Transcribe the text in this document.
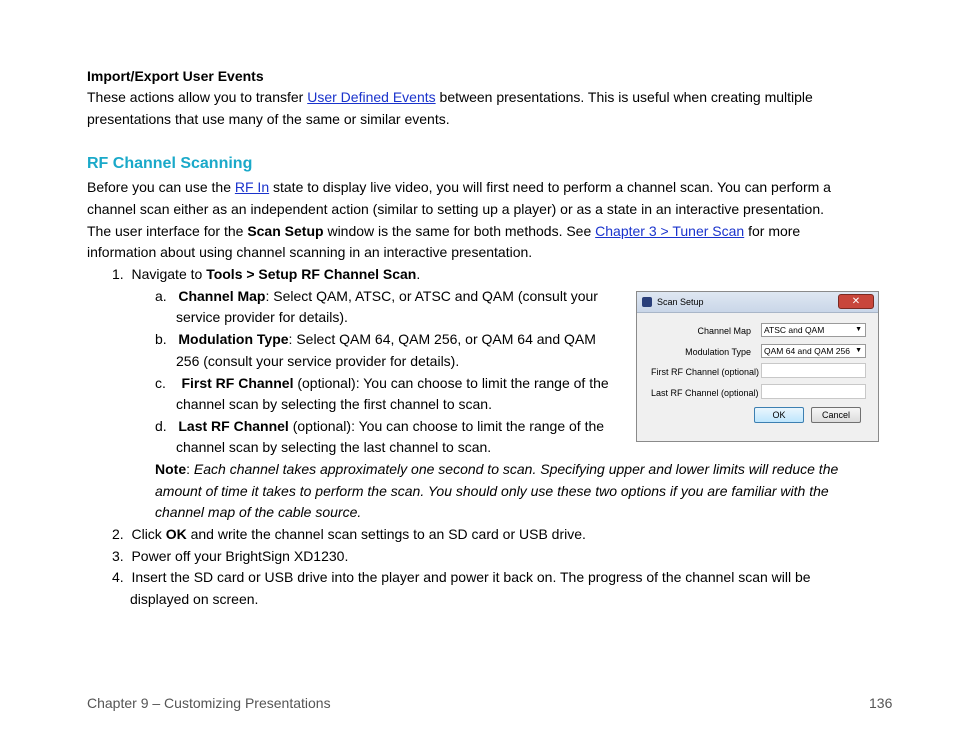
Import/Export User Events
These actions allow you to transfer User Defined Events between presentations. This is useful when creating multiple
presentations that use many of the same or similar events.
RF Channel Scanning
Before you can use the RF In state to display live video, you will first need to perform a channel scan. You can perform a
channel scan either as an independent action (similar to setting up a player) or as a state in an interactive presentation.
The user interface for the Scan Setup window is the same for both methods. See Chapter 3 > Tuner Scan for more
information about using channel scanning in an interactive presentation.
1. Navigate to Tools > Setup RF Channel Scan.
a. Channel Map: Select QAM, ATSC, or ATSC and QAM (consult your
service provider for details).
b. Modulation Type: Select QAM 64, QAM 256, or QAM 64 and QAM
256 (consult your service provider for details).
c. First RF Channel (optional): You can choose to limit the range of the
channel scan by selecting the first channel to scan.
d. Last RF Channel (optional): You can choose to limit the range of the
channel scan by selecting the last channel to scan.
Note: Each channel takes approximately one second to scan. Specifying upper and lower limits will reduce the
amount of time it takes to perform the scan. You should only use these two options if you are familiar with the
channel map of the cable source.
2. Click OK and write the channel scan settings to an SD card or USB drive.
3. Power off your BrightSign XD1230.
4. Insert the SD card or USB drive into the player and power it back on. The progress of the channel scan will be
displayed on screen.
Scan Setup	✕
Channel Map	ATSC and QAM	▼
Modulation Type	QAM 64 and QAM 256 ▼
First RF Channel (optional)
Last RF Channel (optional)
OK	Cancel
Chapter 9 – Customizing Presentations	136
